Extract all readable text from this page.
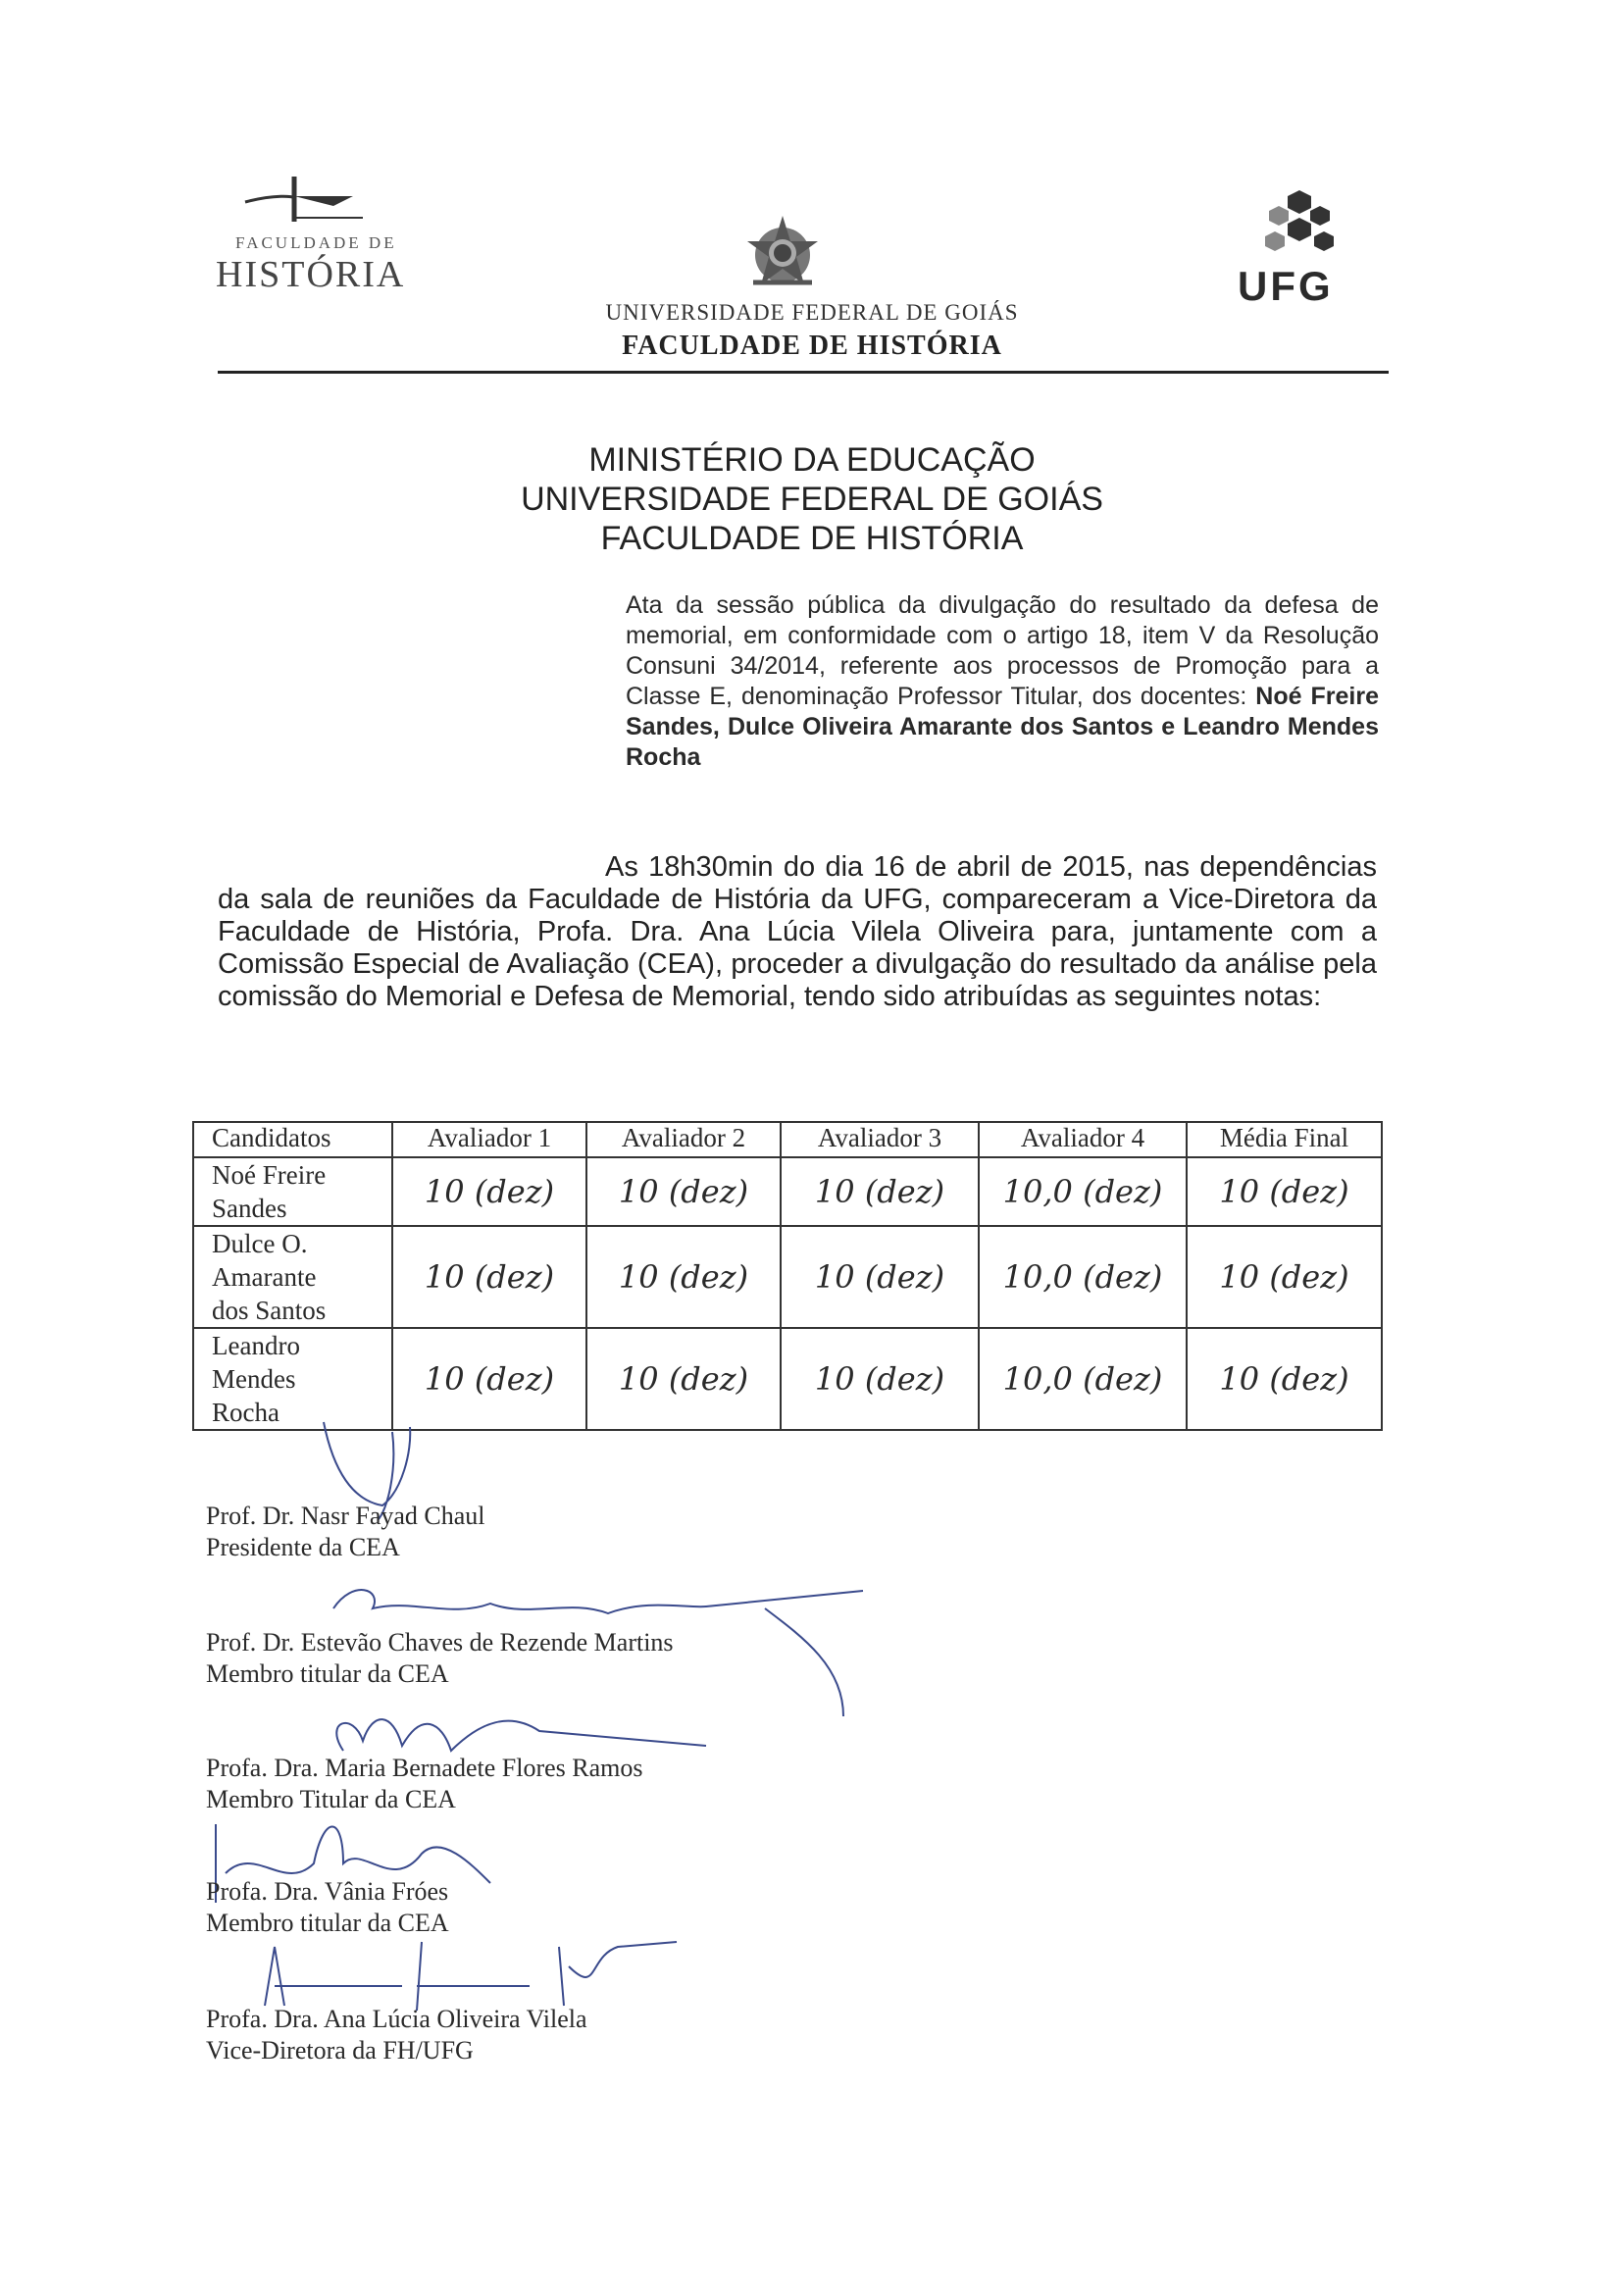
FACULDADE DE
HISTÓRIA	UFG
UNIVERSIDADE FEDERAL DE GOIÁS
FACULDADE DE HISTÓRIA
MINISTÉRIO DA EDUCAÇÃO
UNIVERSIDADE FEDERAL DE GOIÁS
FACULDADE DE HISTÓRIA
Ata da sessão pública da divulgação do resultado da defesa de memorial, em conformidade com o artigo 18, item V da Resolução Consuni 34/2014, referente aos processos de Promoção para a Classe E, denominação Professor Titular, dos docentes: Noé Freire Sandes, Dulce Oliveira Amarante dos Santos e Leandro Mendes Rocha
As 18h30min do dia 16 de abril de 2015, nas dependências da sala de reuniões da Faculdade de História da UFG, compareceram a Vice-Diretora da Faculdade de História, Profa. Dra. Ana Lúcia Vilela Oliveira para, juntamente com a Comissão Especial de Avaliação (CEA), proceder a divulgação do resultado da análise pela comissão do Memorial e Defesa de Memorial, tendo sido atribuídas as seguintes notas:
Candidatos	Avaliador 1	Avaliador 2	Avaliador 3	Avaliador 4	Média Final

Noé Freire
Sandes	10 (dez)	10 (dez)	10 (dez)	10,0 (dez)	10 (dez)

Dulce O.
Amarante
dos Santos	10 (dez)	10 (dez)	10 (dez)	10,0 (dez)	10 (dez)

Leandro
Mendes
Rocha	10 (dez)	10 (dez)	10 (dez)	10,0 (dez)	10 (dez)
Prof. Dr. Nasr Fayad Chaul
Presidente da CEA
Prof. Dr. Estevão Chaves de Rezende Martins
Membro titular da CEA
Profa. Dra. Maria Bernadete Flores Ramos
Membro Titular da CEA
Profa. Dra. Vânia Fróes
Membro titular da CEA
Profa. Dra. Ana Lúcia Oliveira Vilela
Vice-Diretora da FH/UFG
